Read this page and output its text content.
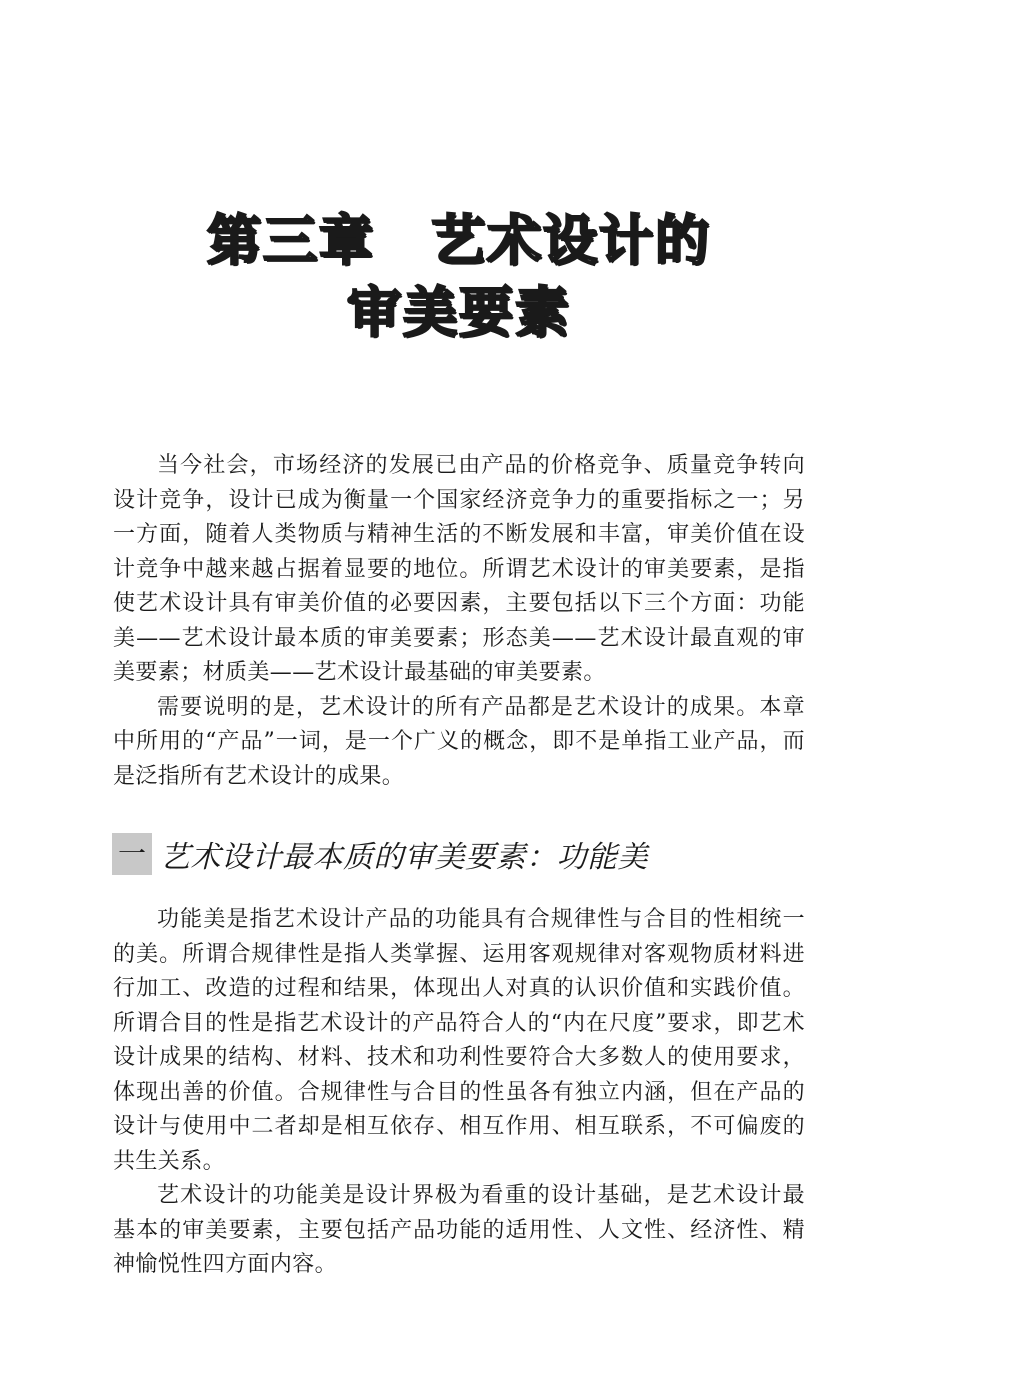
第三章　艺术设计的
审美要素

当今社会，市场经济的发展已由产品的价格竞争、质量竞争转向设计竞争，设计已成为衡量一个国家经济竞争力的重要指标之一；另一方面，随着人类物质与精神生活的不断发展和丰富，审美价值在设计竞争中越来越占据着显要的地位。所谓艺术设计的审美要素，是指使艺术设计具有审美价值的必要因素，主要包括以下三个方面：功能美——艺术设计最本质的审美要素；形态美——艺术设计最直观的审美要素；材质美——艺术设计最基础的审美要素。

需要说明的是，艺术设计的所有产品都是艺术设计的成果。本章中所用的“产品”一词，是一个广义的概念，即不是单指工业产品，而是泛指所有艺术设计的成果。

一 艺术设计最本质的审美要素：功能美

功能美是指艺术设计产品的功能具有合规律性与合目的性相统一的美。所谓合规律性是指人类掌握、运用客观规律对客观物质材料进行加工、改造的过程和结果，体现出人对真的认识价值和实践价值。所谓合目的性是指艺术设计的产品符合人的“内在尺度”要求，即艺术设计成果的结构、材料、技术和功利性要符合大多数人的使用要求，体现出善的价值。合规律性与合目的性虽各有独立内涵，但在产品的设计与使用中二者却是相互依存、相互作用、相互联系，不可偏废的共生关系。

艺术设计的功能美是设计界极为看重的设计基础，是艺术设计最基本的审美要素，主要包括产品功能的适用性、人文性、经济性、精神愉悦性四方面内容。
